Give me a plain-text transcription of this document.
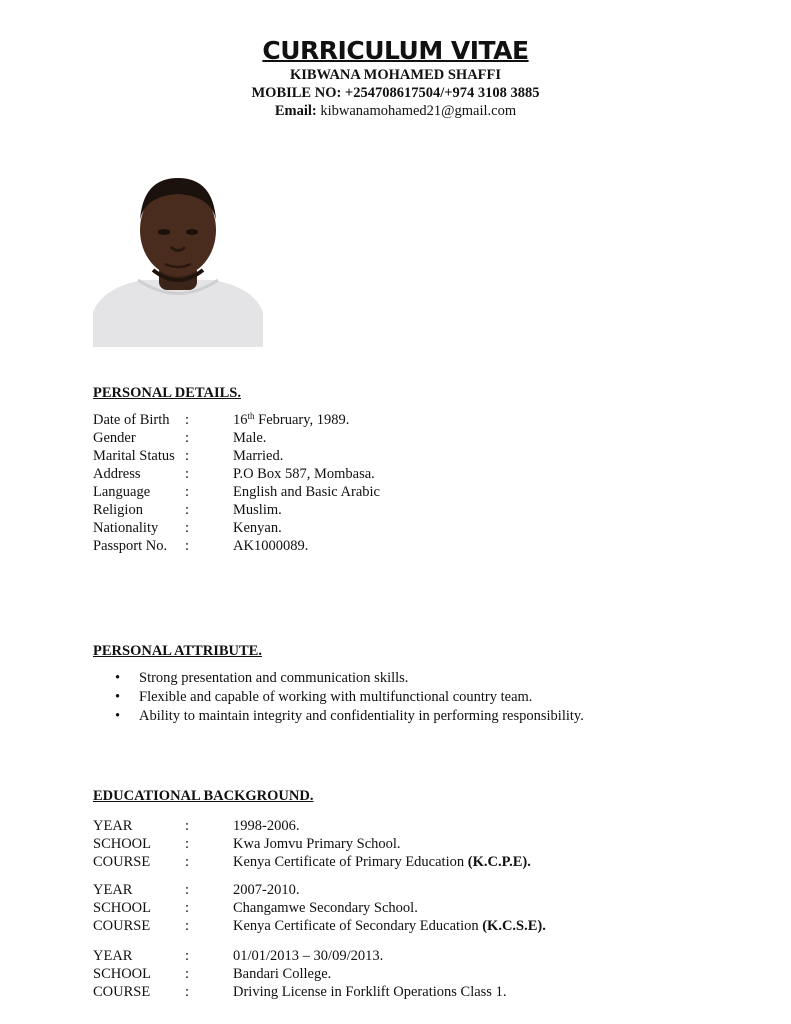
CURRICULUM VITAE
KIBWANA MOHAMED SHAFFI
MOBILE NO: +254708617504/+974 3108 3885
Email: kibwanamohamed21@gmail.com
PERSONAL DETAILS.
Date of Birth :	16th February, 1989.
Gender	:	Male.
Marital Status :	Married.
Address	:	P.O Box 587, Mombasa.
Language :	English and Basic Arabic
Religion	:	Muslim.
Nationality :	Kenyan.
Passport No. :	AK1000089.
PERSONAL ATTRIBUTE.
• Strong presentation and communication skills.
• Flexible and capable of working with multifunctional country team.
• Ability to maintain integrity and confidentiality in performing responsibility.
EDUCATIONAL BACKGROUND.
YEAR	:	1998-2006.
SCHOOL :	Kwa Jomvu Primary School.
COURSE :	Kenya Certificate of Primary Education (K.C.P.E).
YEAR	:	2007-2010.
SCHOOL :	Changamwe Secondary School.
COURSE :	Kenya Certificate of Secondary Education (K.C.S.E).
YEAR	:	01/01/2013 – 30/09/2013.
SCHOOL :	Bandari College.
COURSE :	Driving License in Forklift Operations Class 1.
